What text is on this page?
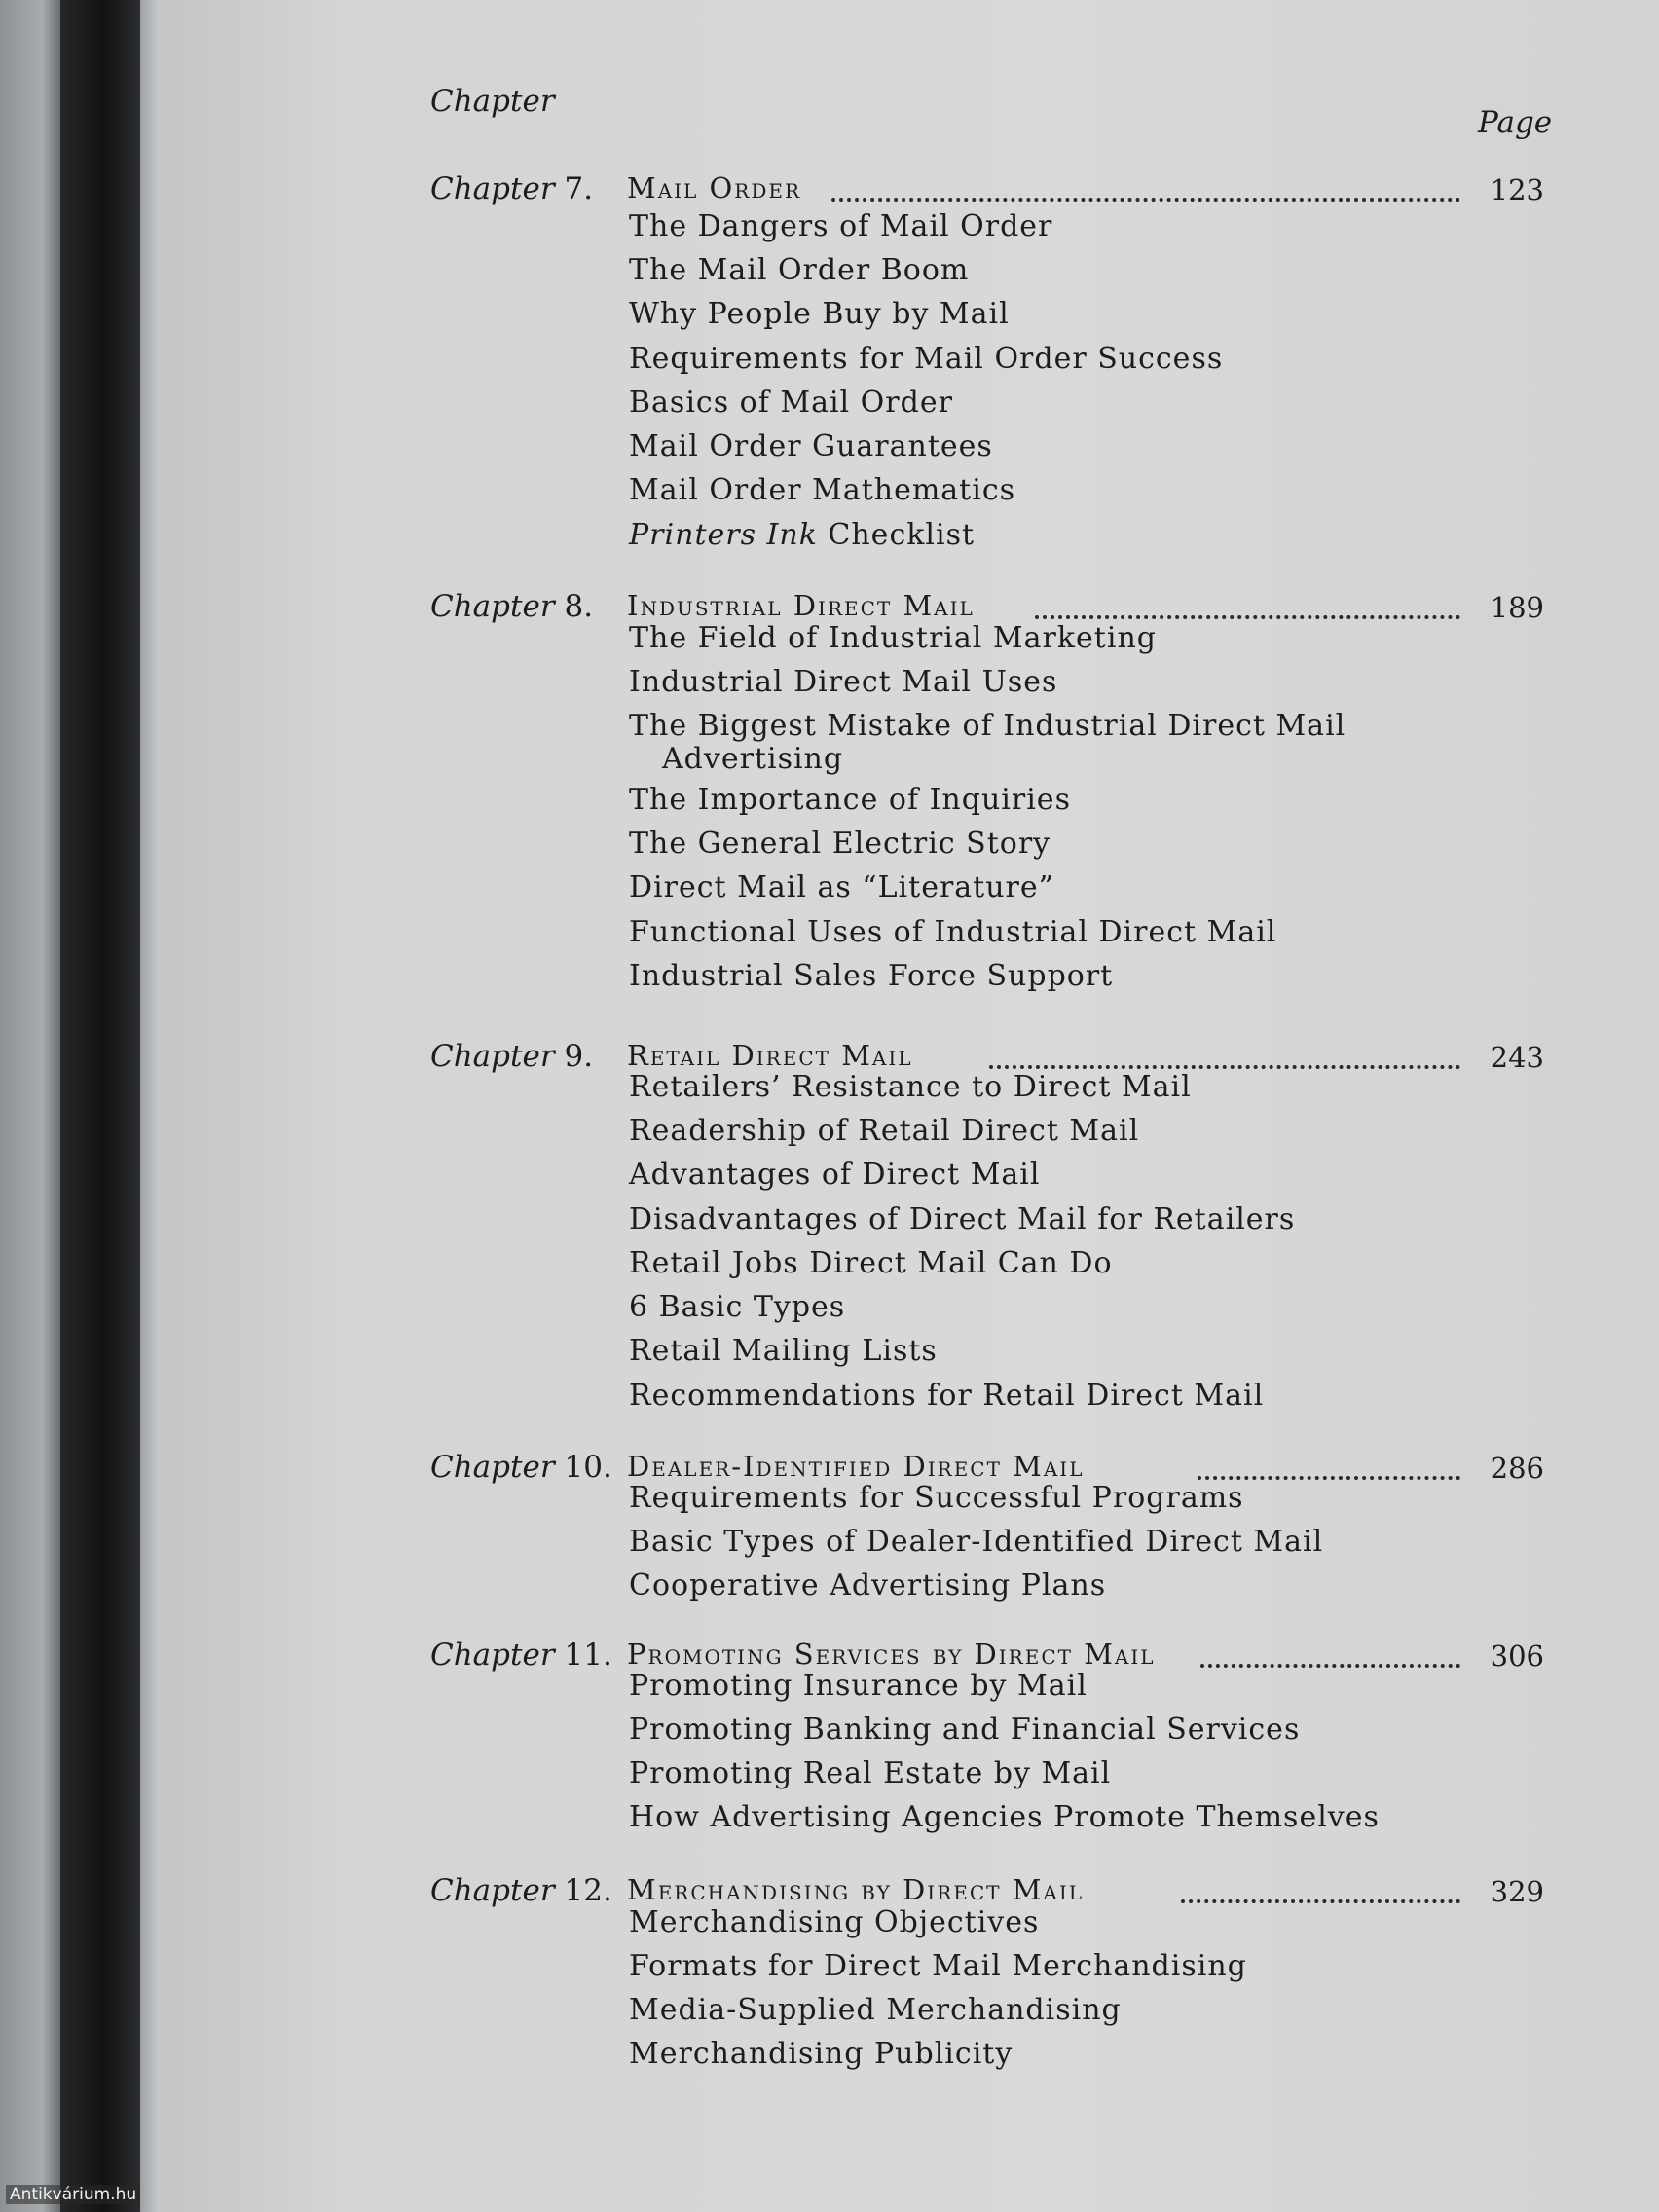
Chapter
Page
Chapter 7. Mail Order	123
The Dangers of Mail Order
The Mail Order Boom
Why People Buy by Mail
Requirements for Mail Order Success
Basics of Mail Order
Mail Order Guarantees
Mail Order Mathematics
Printers Ink Checklist
Chapter 8. Industrial Direct Mail	189
The Field of Industrial Marketing
Industrial Direct Mail Uses
The Biggest Mistake of Industrial Direct Mail
Advertising
The Importance of Inquiries
The General Electric Story
Direct Mail as “Literature”
Functional Uses of Industrial Direct Mail
Industrial Sales Force Support
Chapter 9. Retail Direct Mail	243
Retailers’ Resistance to Direct Mail
Readership of Retail Direct Mail
Advantages of Direct Mail
Disadvantages of Direct Mail for Retailers
Retail Jobs Direct Mail Can Do
6 Basic Types
Retail Mailing Lists
Recommendations for Retail Direct Mail
Chapter 10. Dealer-Identified Direct Mail	286
Requirements for Successful Programs
Basic Types of Dealer-Identified Direct Mail
Cooperative Advertising Plans
Chapter 11. Promoting Services by Direct Mail	306
Promoting Insurance by Mail
Promoting Banking and Financial Services
Promoting Real Estate by Mail
How Advertising Agencies Promote Themselves
Chapter 12. Merchandising by Direct Mail	329
Merchandising Objectives
Formats for Direct Mail Merchandising
Media-Supplied Merchandising
Merchandising Publicity
Antikvárium.hu
